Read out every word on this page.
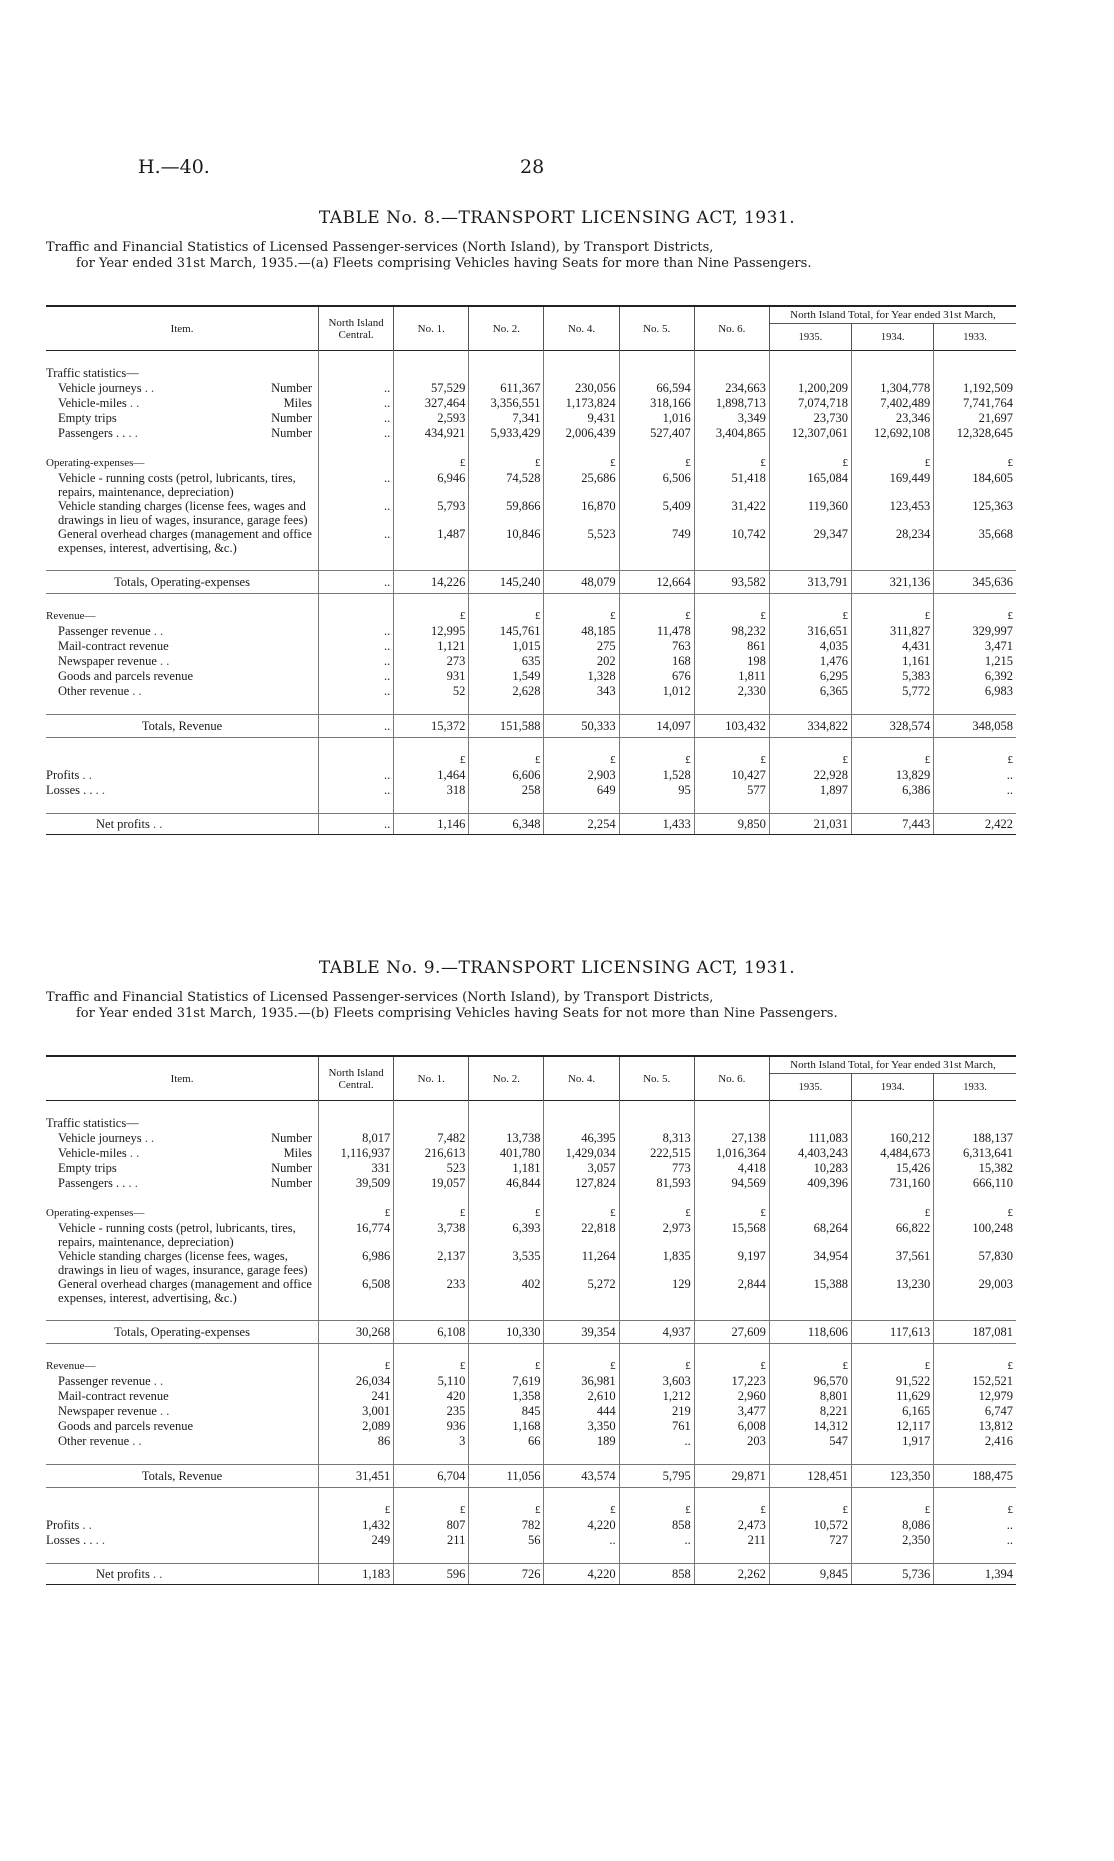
H.—40.	28
TABLE No. 8.—TRANSPORT LICENSING ACT, 1931.
Traffic and Financial Statistics of Licensed Passenger-services (North Island), by Transport Districts,
for Year ended 31st March, 1935.—(a) Fleets comprising Vehicles having Seats for more than Nine Passengers.
Item.	North Island Central.	No. 1.	No. 2.	No. 4.	No. 5.	No. 6.	North Island Total, for Year ended 31st March,		
							1935.	1934.	1933.

Traffic statistics—									
Vehicle journeys . . Number	..	57,529	611,367	230,056	66,594	234,663	1,200,209	1,304,778	1,192,509
Vehicle-miles . . Miles	..	327,464	3,356,551	1,173,824	318,166	1,898,713	7,074,718	7,402,489	7,741,764
Empty trips Number	..	2,593	7,341	9,431	1,016	3,349	23,730	23,346	21,697
Passengers . . . . Number	..	434,921	5,933,429	2,006,439	527,407	3,404,865	12,307,061	12,692,108	12,328,645

Operating-expenses—		£	£	£	£	£	£	£	£
Vehicle - running costs (petrol, lubricants, tires, repairs, maintenance, depreciation)	..	6,946	74,528	25,686	6,506	51,418	165,084	169,449	184,605
Vehicle standing charges (license fees, wages and drawings in lieu of wages, insurance, garage fees)	..	5,793	59,866	16,870	5,409	31,422	119,360	123,453	125,363
General overhead charges (management and office expenses, interest, advertising, &c.)	..	1,487	10,846	5,523	749	10,742	29,347	28,234	35,668

Totals, Operating-expenses	..	14,226	145,240	48,079	12,664	93,582	313,791	321,136	345,636

Revenue—		£	£	£	£	£	£	£	£
Passenger revenue . .	..	12,995	145,761	48,185	11,478	98,232	316,651	311,827	329,997
Mail-contract revenue	..	1,121	1,015	275	763	861	4,035	4,431	3,471
Newspaper revenue . .	..	273	635	202	168	198	1,476	1,161	1,215
Goods and parcels revenue	..	931	1,549	1,328	676	1,811	6,295	5,383	6,392
Other revenue . .	..	52	2,628	343	1,012	2,330	6,365	5,772	6,983

Totals, Revenue	..	15,372	151,588	50,333	14,097	103,432	334,822	328,574	348,058

		£	£	£	£	£	£	£	£
Profits . .	..	1,464	6,606	2,903	1,528	10,427	22,928	13,829	..
Losses . . . .	..	318	258	649	95	577	1,897	6,386	..

Net profits . .	..	1,146	6,348	2,254	1,433	9,850	21,031	7,443	2,422
TABLE No. 9.—TRANSPORT LICENSING ACT, 1931.
Traffic and Financial Statistics of Licensed Passenger-services (North Island), by Transport Districts,
for Year ended 31st March, 1935.—(b) Fleets comprising Vehicles having Seats for not more than Nine Passengers.
Item.	North Island Central.	No. 1.	No. 2.	No. 4.	No. 5.	No. 6.	North Island Total, for Year ended 31st March,		
							1935.	1934.	1933.

Traffic statistics—									
Vehicle journeys . . Number	8,017	7,482	13,738	46,395	8,313	27,138	111,083	160,212	188,137
Vehicle-miles . . Miles	1,116,937	216,613	401,780	1,429,034	222,515	1,016,364	4,403,243	4,484,673	6,313,641
Empty trips Number	331	523	1,181	3,057	773	4,418	10,283	15,426	15,382
Passengers . . . . Number	39,509	19,057	46,844	127,824	81,593	94,569	409,396	731,160	666,110

Operating-expenses—	£	£	£	£	£	£		£	£
Vehicle - running costs (petrol, lubricants, tires, repairs, maintenance, depreciation)	16,774	3,738	6,393	22,818	2,973	15,568	68,264	66,822	100,248
Vehicle standing charges (license fees, wages, drawings in lieu of wages, insurance, garage fees)	6,986	2,137	3,535	11,264	1,835	9,197	34,954	37,561	57,830
General overhead charges (management and office expenses, interest, advertising, &c.)	6,508	233	402	5,272	129	2,844	15,388	13,230	29,003

Totals, Operating-expenses	30,268	6,108	10,330	39,354	4,937	27,609	118,606	117,613	187,081

Revenue—	£	£	£	£	£	£	£	£	£
Passenger revenue . .	26,034	5,110	7,619	36,981	3,603	17,223	96,570	91,522	152,521
Mail-contract revenue	241	420	1,358	2,610	1,212	2,960	8,801	11,629	12,979
Newspaper revenue . .	3,001	235	845	444	219	3,477	8,221	6,165	6,747
Goods and parcels revenue	2,089	936	1,168	3,350	761	6,008	14,312	12,117	13,812
Other revenue . .	86	3	66	189	..	203	547	1,917	2,416

Totals, Revenue	31,451	6,704	11,056	43,574	5,795	29,871	128,451	123,350	188,475

	£	£	£	£	£	£	£	£	£
Profits . .	1,432	807	782	4,220	858	2,473	10,572	8,086	..
Losses . . . .	249	211	56	..	..	211	727	2,350	..

Net profits . .	1,183	596	726	4,220	858	2,262	9,845	5,736	1,394
